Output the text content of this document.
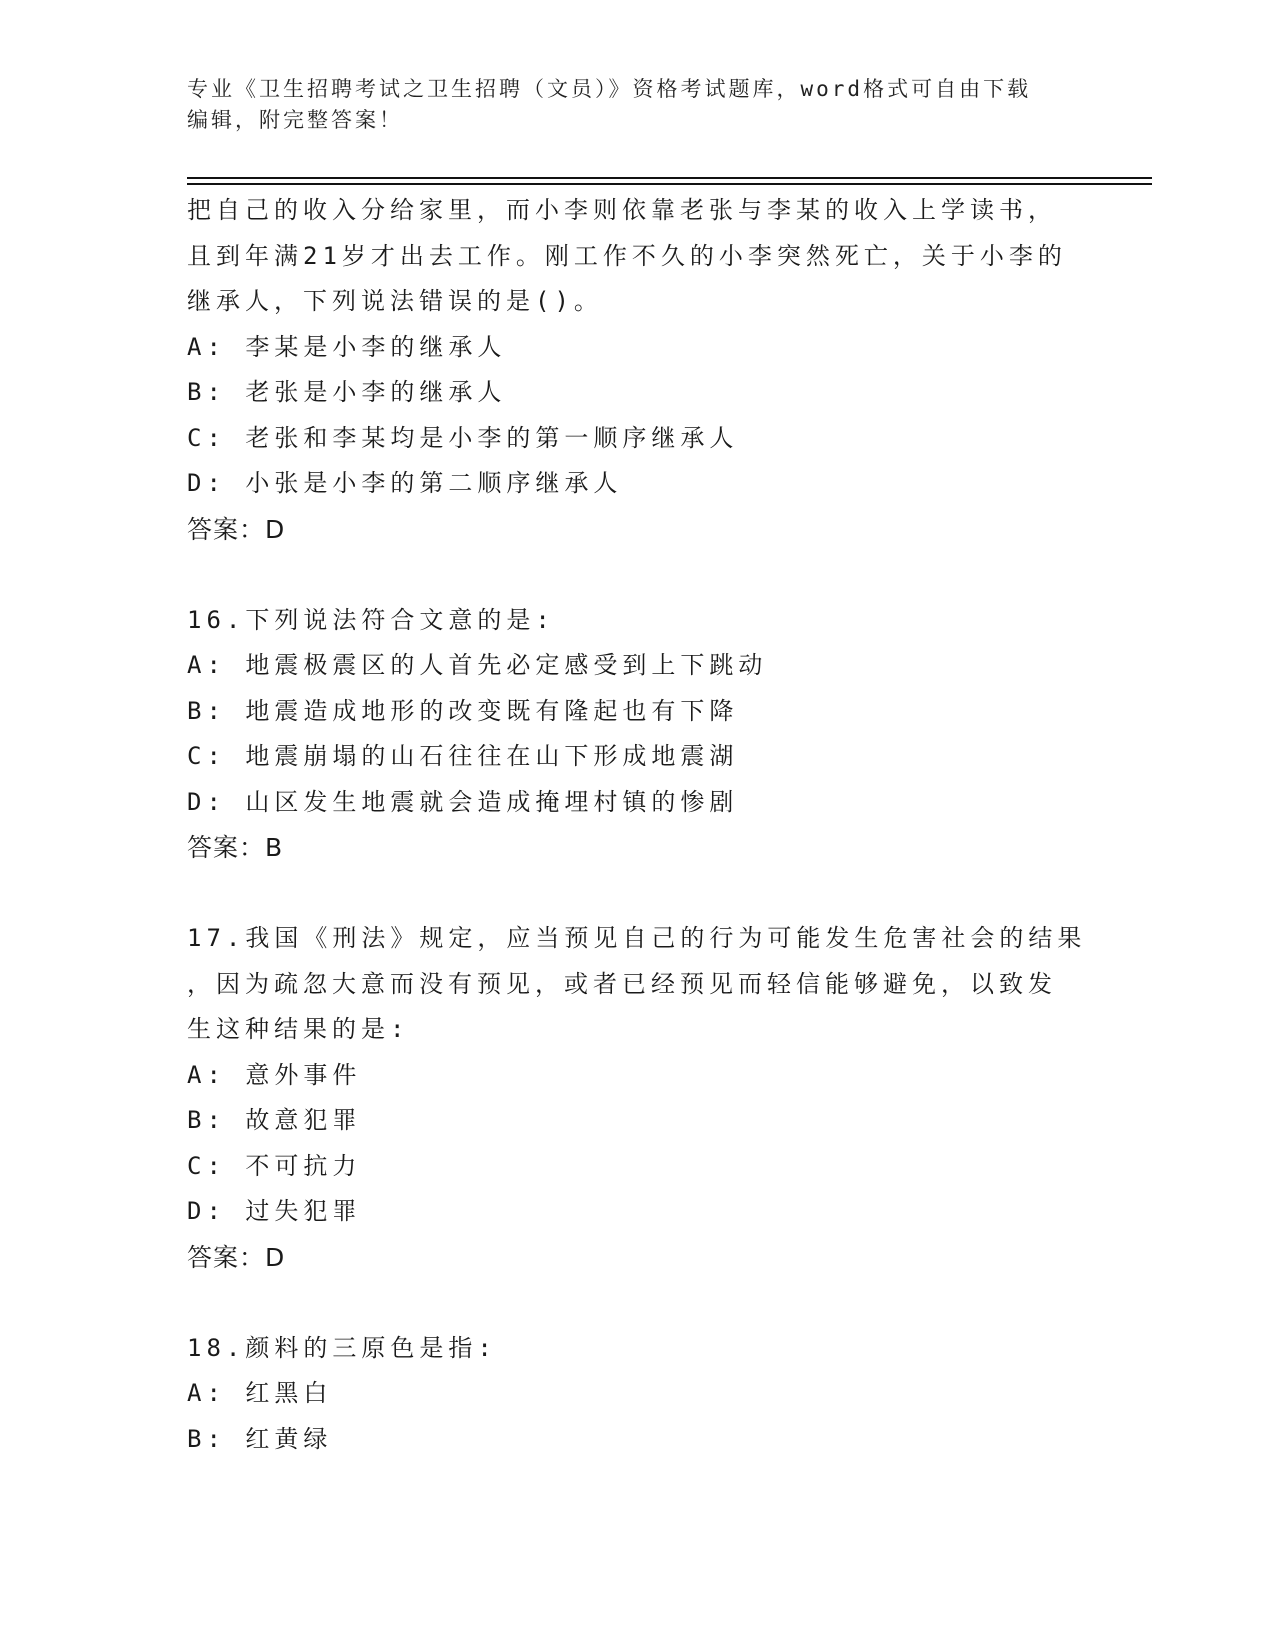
专业《卫生招聘考试之卫生招聘（文员）》资格考试题库，word格式可自由下载

编辑，附完整答案！

把自己的收入分给家里，而小李则依靠老张与李某的收入上学读书，

且到年满21岁才出去工作。刚工作不久的小李突然死亡，关于小李的

继承人，下列说法错误的是()。

A: 李某是小李的继承人

B: 老张是小李的继承人

C: 老张和李某均是小李的第一顺序继承人

D: 小张是小李的第二顺序继承人

答案：D

16.下列说法符合文意的是:

A: 地震极震区的人首先必定感受到上下跳动

B: 地震造成地形的改变既有隆起也有下降

C: 地震崩塌的山石往往在山下形成地震湖

D: 山区发生地震就会造成掩埋村镇的惨剧

答案：B

17.我国《刑法》规定，应当预见自己的行为可能发生危害社会的结果

，因为疏忽大意而没有预见，或者已经预见而轻信能够避免，以致发

生这种结果的是:

A: 意外事件

B: 故意犯罪

C: 不可抗力

D: 过失犯罪

答案：D

18.颜料的三原色是指:

A: 红黑白

B: 红黄绿
